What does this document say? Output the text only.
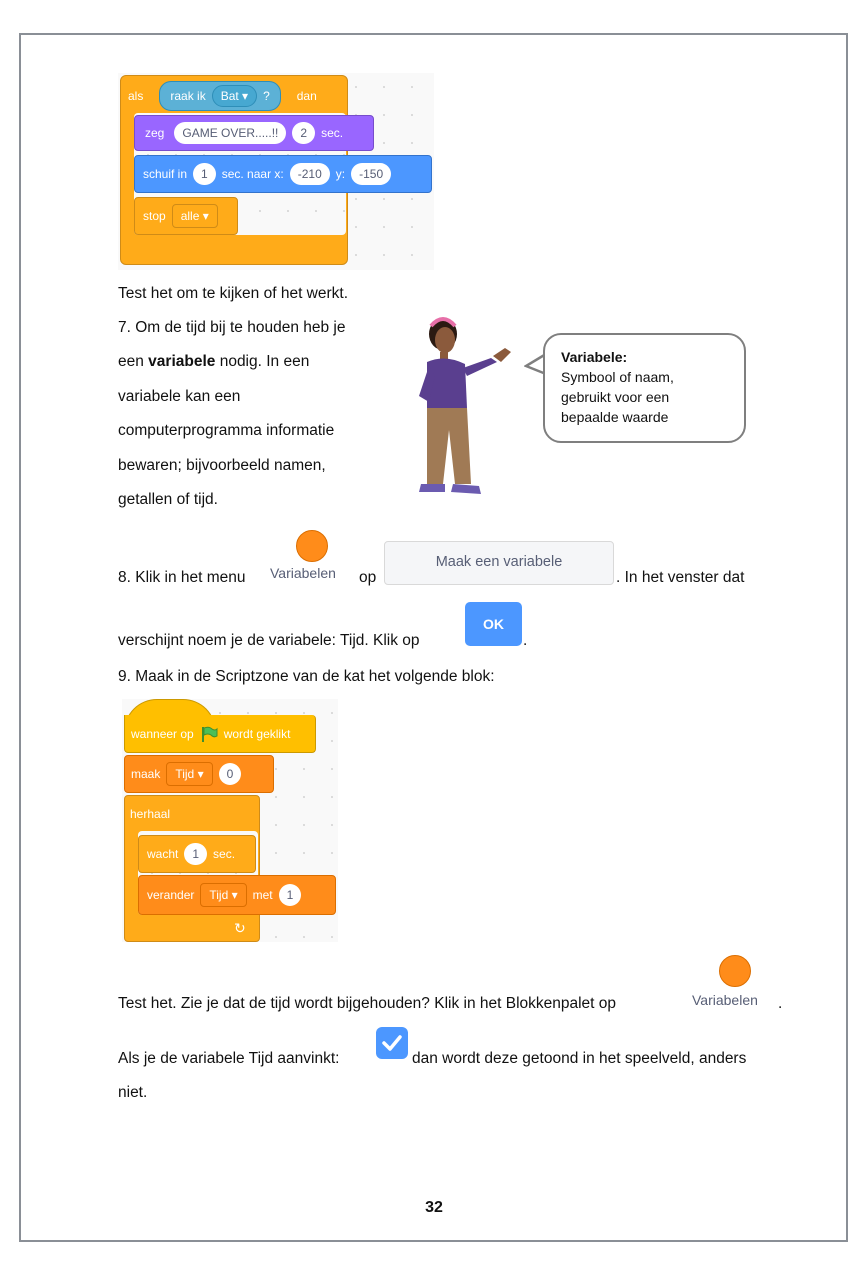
als raak ik	Bat ▾	? dan
zeg	GAME OVER.....!!	2	sec.
schuif in	1	sec. naar x:	-210	y:	-150
stop	alle ▾
Test het om te kijken of het werkt.
7. Om de tijd bij te houden heb je
een variabele nodig. In een
variabele kan een
computerprogramma informatie
bewaren; bijvoorbeeld namen,
getallen of tijd.
Variabele:
Symbool of naam,
gebruikt voor een
bepaalde waarde
Variabelen
8. Klik in het menu	op
Maak een variabele
. In het venster dat
verschijnt noem je de variabele: Tijd. Klik op
OK
.
9. Maak in de Scriptzone van de kat het volgende blok:
wanneer op	wordt geklikt
maak	Tijd ▾	0
herhaal
wacht	1	sec.
verander	Tijd ▾	met	1
↻
Test het. Zie je dat de tijd wordt bijgehouden? Klik in het Blokkenpalet op	Variabelen .
Als je de variabele Tijd aanvinkt:	dan wordt deze getoond in het speelveld, anders
niet.
32
